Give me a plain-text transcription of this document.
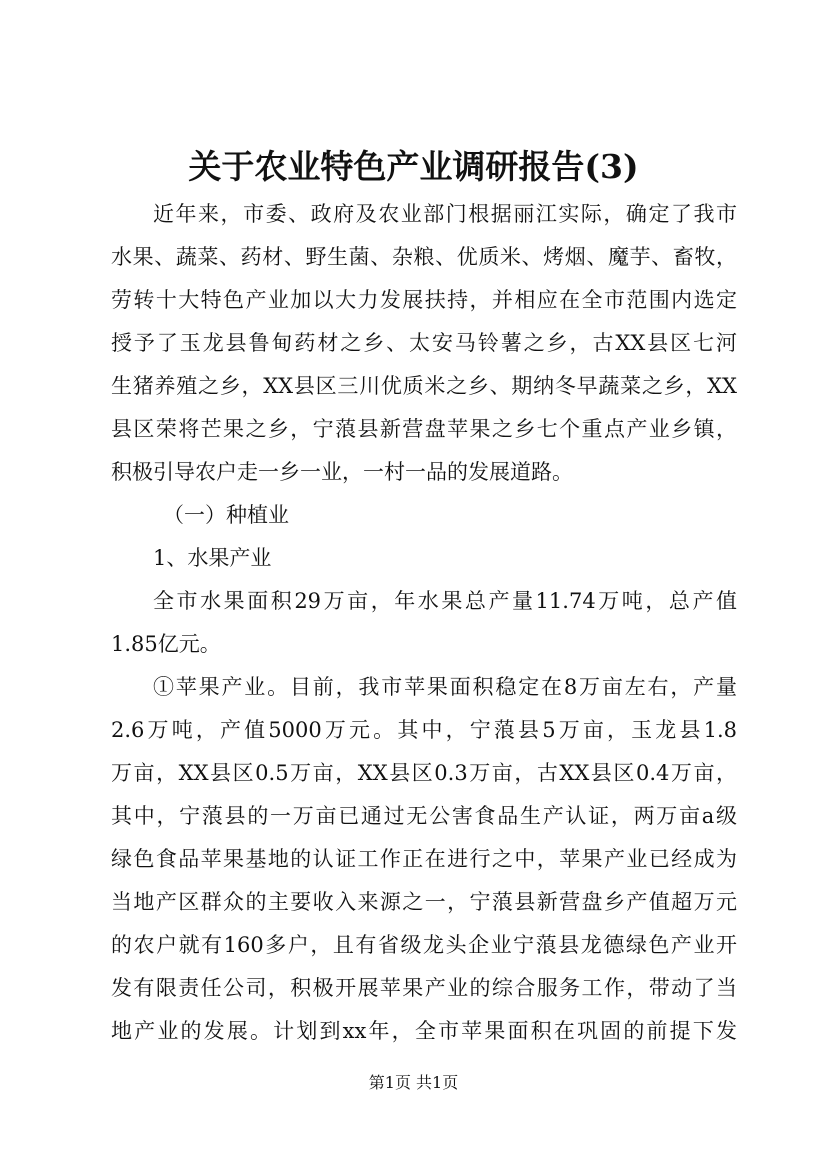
关于农业特色产业调研报告(3)
近年来，市委、政府及农业部门根据丽江实际，确定了我市
水果、蔬菜、药材、野生菌、杂粮、优质米、烤烟、魔芋、畜牧，
劳转十大特色产业加以大力发展扶持，并相应在全市范围内选定
授予了玉龙县鲁甸药材之乡、太安马铃薯之乡，古XX县区七河
生猪养殖之乡，XX县区三川优质米之乡、期纳冬早蔬菜之乡，XX
县区荣将芒果之乡，宁蒗县新营盘苹果之乡七个重点产业乡镇，
积极引导农户走一乡一业，一村一品的发展道路。
（一）种植业
1、水果产业
全市水果面积29万亩，年水果总产量11.74万吨，总产值
1.85亿元。
①苹果产业。目前，我市苹果面积稳定在8万亩左右，产量
2.6万吨，产值5000万元。其中，宁蒗县5万亩，玉龙县1.8
万亩，XX县区0.5万亩，XX县区0.3万亩，古XX县区0.4万亩，
其中，宁蒗县的一万亩已通过无公害食品生产认证，两万亩a级
绿色食品苹果基地的认证工作正在进行之中，苹果产业已经成为
当地产区群众的主要收入来源之一，宁蒗县新营盘乡产值超万元
的农户就有160多户，且有省级龙头企业宁蒗县龙德绿色产业开
发有限责任公司，积极开展苹果产业的综合服务工作，带动了当
地产业的发展。计划到xx年，全市苹果面积在巩固的前提下发
第1页 共1页
